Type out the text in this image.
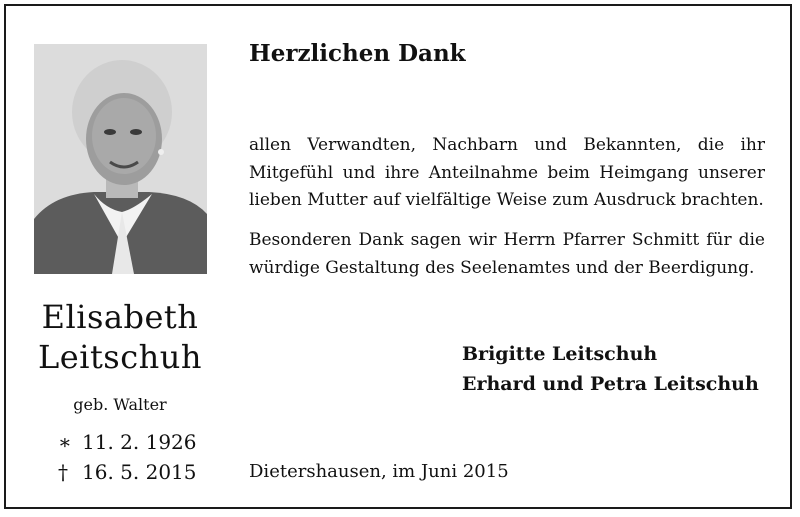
Elisabeth
Leitschuh
geb. Walter
∗ 11. 2. 1926
† 16. 5. 2015
Herzlichen Dank
allen Verwandten, Nachbarn und Bekannten, die ihr Mitgefühl und ihre Anteilnahme beim Heimgang unserer lieben Mutter auf vielfältige Weise zum Ausdruck brachten.
Besonderen Dank sagen wir Herrn Pfarrer Schmitt für die würdige Gestaltung des Seelenamtes und der Beerdigung.
Brigitte Leitschuh
Erhard und Petra Leitschuh
Dietershausen, im Juni 2015
